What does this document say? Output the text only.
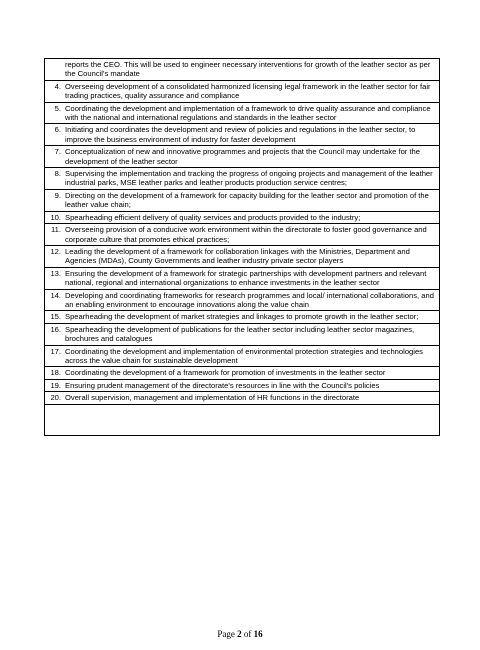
reports the CEO. This will be used to engineer necessary interventions for growth of the leather sector as per the Council's mandate

4. Overseeing development of a consolidated harmonized licensing legal framework in the leather sector for fair trading practices, quality assurance and compliance

5. Coordinating the development and implementation of a framework to drive quality assurance and compliance with the national and international regulations and standards in the leather sector

6. Initiating and coordinates the development and review of policies and regulations in the leather sector, to improve the business environment of industry for faster development

7. Conceptualization of new and innovative programmes and projects that the Council may undertake for the development of the leather sector

8. Supervising the implementation and tracking the progress of ongoing projects and management of the leather industrial parks, MSE leather parks and leather products production service centres;

9. Directing on the development of a framework for capacity building for the leather sector and promotion of the leather value chain;

10. Spearheading efficient delivery of quality services and products provided to the industry;

11. Overseeing provision of a conducive work environment within the directorate to foster good governance and corporate culture that promotes ethical practices;

12. Leading the development of a framework for collaboration linkages with the Ministries, Department and Agencies (MDAs), County Governments and leather industry private sector players

13. Ensuring the development of a framework for strategic partnerships with development partners and relevant national, regional and international organizations to enhance investments in the leather sector

14. Developing and coordinating frameworks for research programmes and local/ international collaborations, and an enabling environment to encourage innovations along the value chain

15. Spearheading the development of market strategies and linkages to promote growth in the leather sector;

16. Spearheading the development of publications for the leather sector including leather sector magazines, brochures and catalogues

17. Coordinating the development and implementation of environmental protection strategies and technologies across the value chain for sustainable development

18. Coordinating the development of a framework for promotion of investments in the leather sector

19. Ensuring prudent management of the directorate's resources in line with the Council's policies

20. Overall supervision, management and implementation of HR functions in the directorate

Page 2 of 16
